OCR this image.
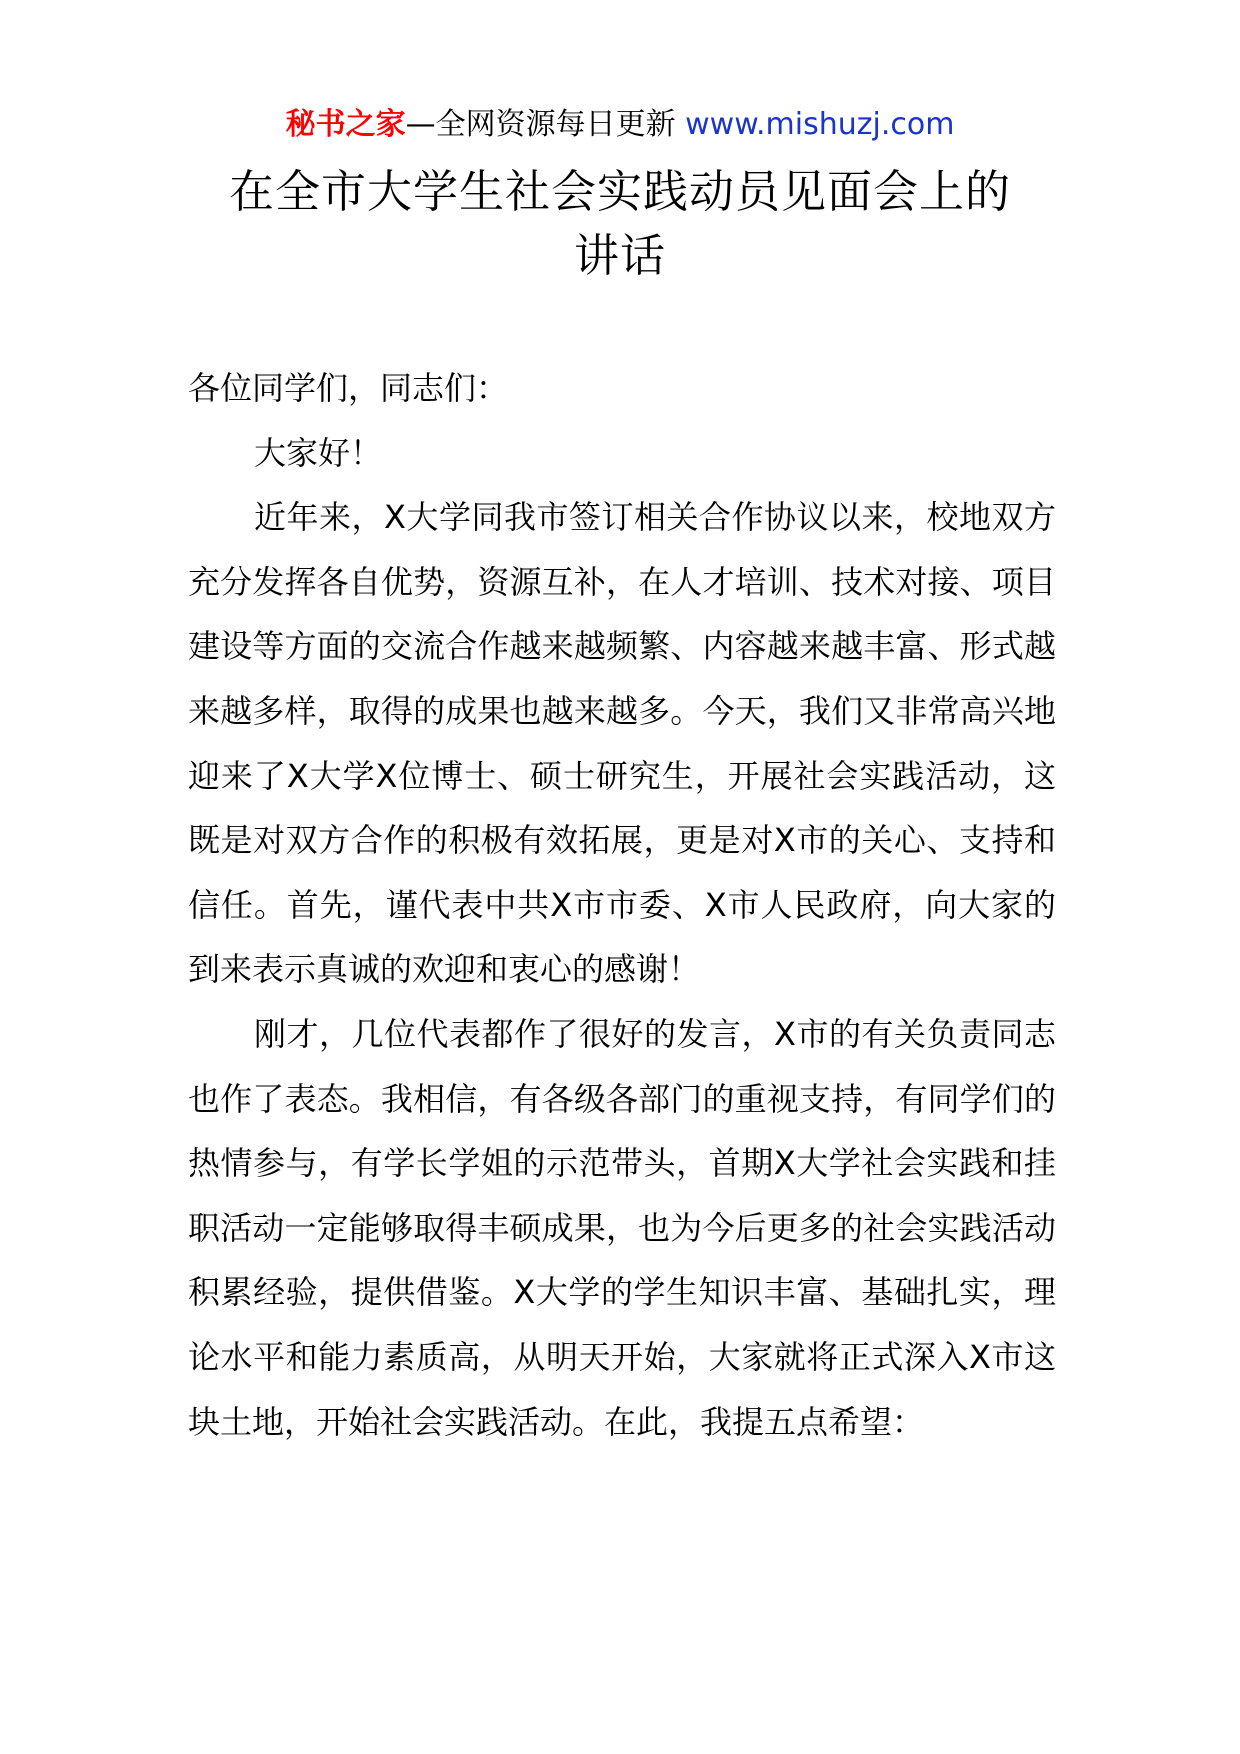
秘书之家—全网资源每日更新 www.mishuzj.com
在全市大学生社会实践动员见面会上的
讲话

各位同学们，同志们：

大家好！

近年来，X大学同我市签订相关合作协议以来，校地双方充分发挥各自优势，资源互补，在人才培训、技术对接、项目建设等方面的交流合作越来越频繁、内容越来越丰富、形式越来越多样，取得的成果也越来越多。今天，我们又非常高兴地迎来了X大学X位博士、硕士研究生，开展社会实践活动，这既是对双方合作的积极有效拓展，更是对X市的关心、支持和信任。首先，谨代表中共X市市委、X市人民政府，向大家的到来表示真诚的欢迎和衷心的感谢！

刚才，几位代表都作了很好的发言，X市的有关负责同志也作了表态。我相信，有各级各部门的重视支持，有同学们的热情参与，有学长学姐的示范带头，首期X大学社会实践和挂职活动一定能够取得丰硕成果，也为今后更多的社会实践活动积累经验，提供借鉴。X大学的学生知识丰富、基础扎实，理论水平和能力素质高，从明天开始，大家就将正式深入X市这块土地，开始社会实践活动。在此，我提五点希望：
